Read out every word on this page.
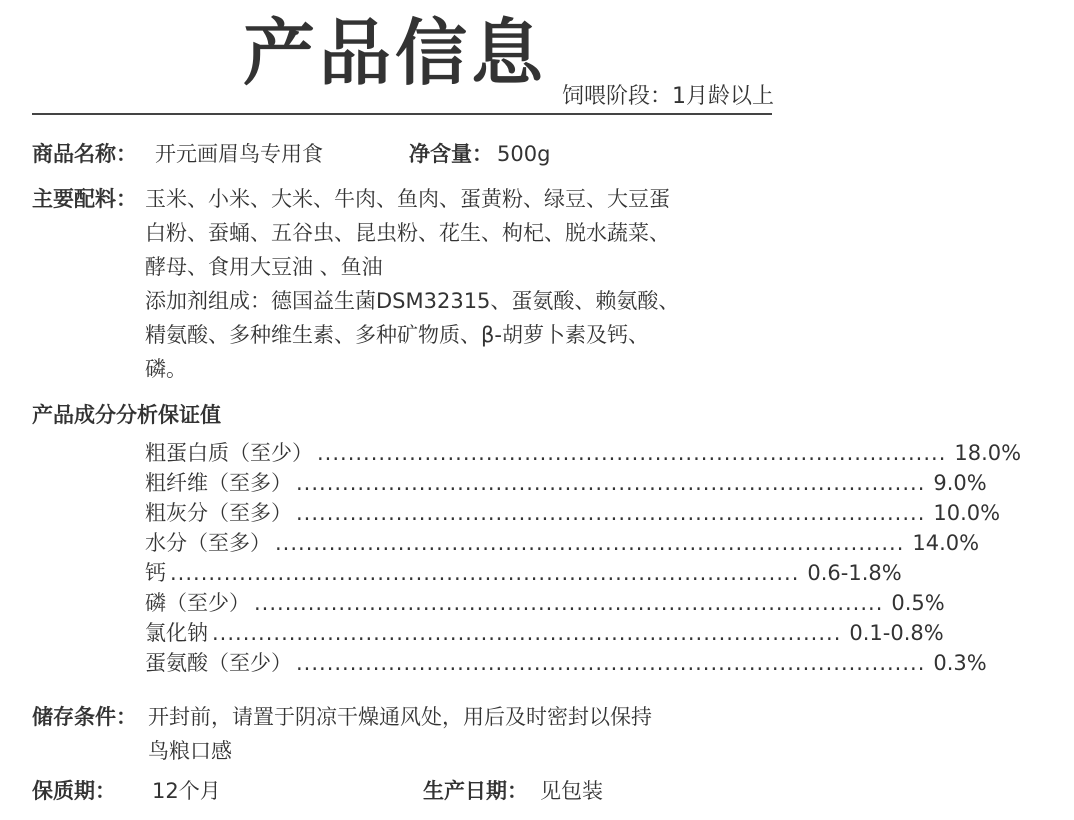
产品信息
饲喂阶段：1月龄以上
商品名称： 开元画眉鸟专用食	净含量： 500g
主要配料： 玉米、小米、大米、牛肉、鱼肉、蛋黄粉、绿豆、大豆蛋
白粉、蚕蛹、五谷虫、昆虫粉、花生、枸杞、脱水蔬菜、
酵母、食用大豆油 、鱼油
添加剂组成：德国益生菌DSM32315、蛋氨酸、赖氨酸、
精氨酸、多种维生素、多种矿物质、β-胡萝卜素及钙、
磷。
产品成分分析保证值
粗蛋白质（至少） .................................................................................. 18.0%
粗纤维（至多） .................................................................................. 9.0%
粗灰分（至多） .................................................................................. 10.0%
水分（至多） .................................................................................. 14.0%
钙 .................................................................................. 0.6-1.8%
磷（至少） .................................................................................. 0.5%
氯化钠 .................................................................................. 0.1-0.8%
蛋氨酸（至少） .................................................................................. 0.3%
储存条件： 开封前，请置于阴凉干燥通风处，用后及时密封以保持
鸟粮口感
保质期： 12个月	生产日期： 见包装
